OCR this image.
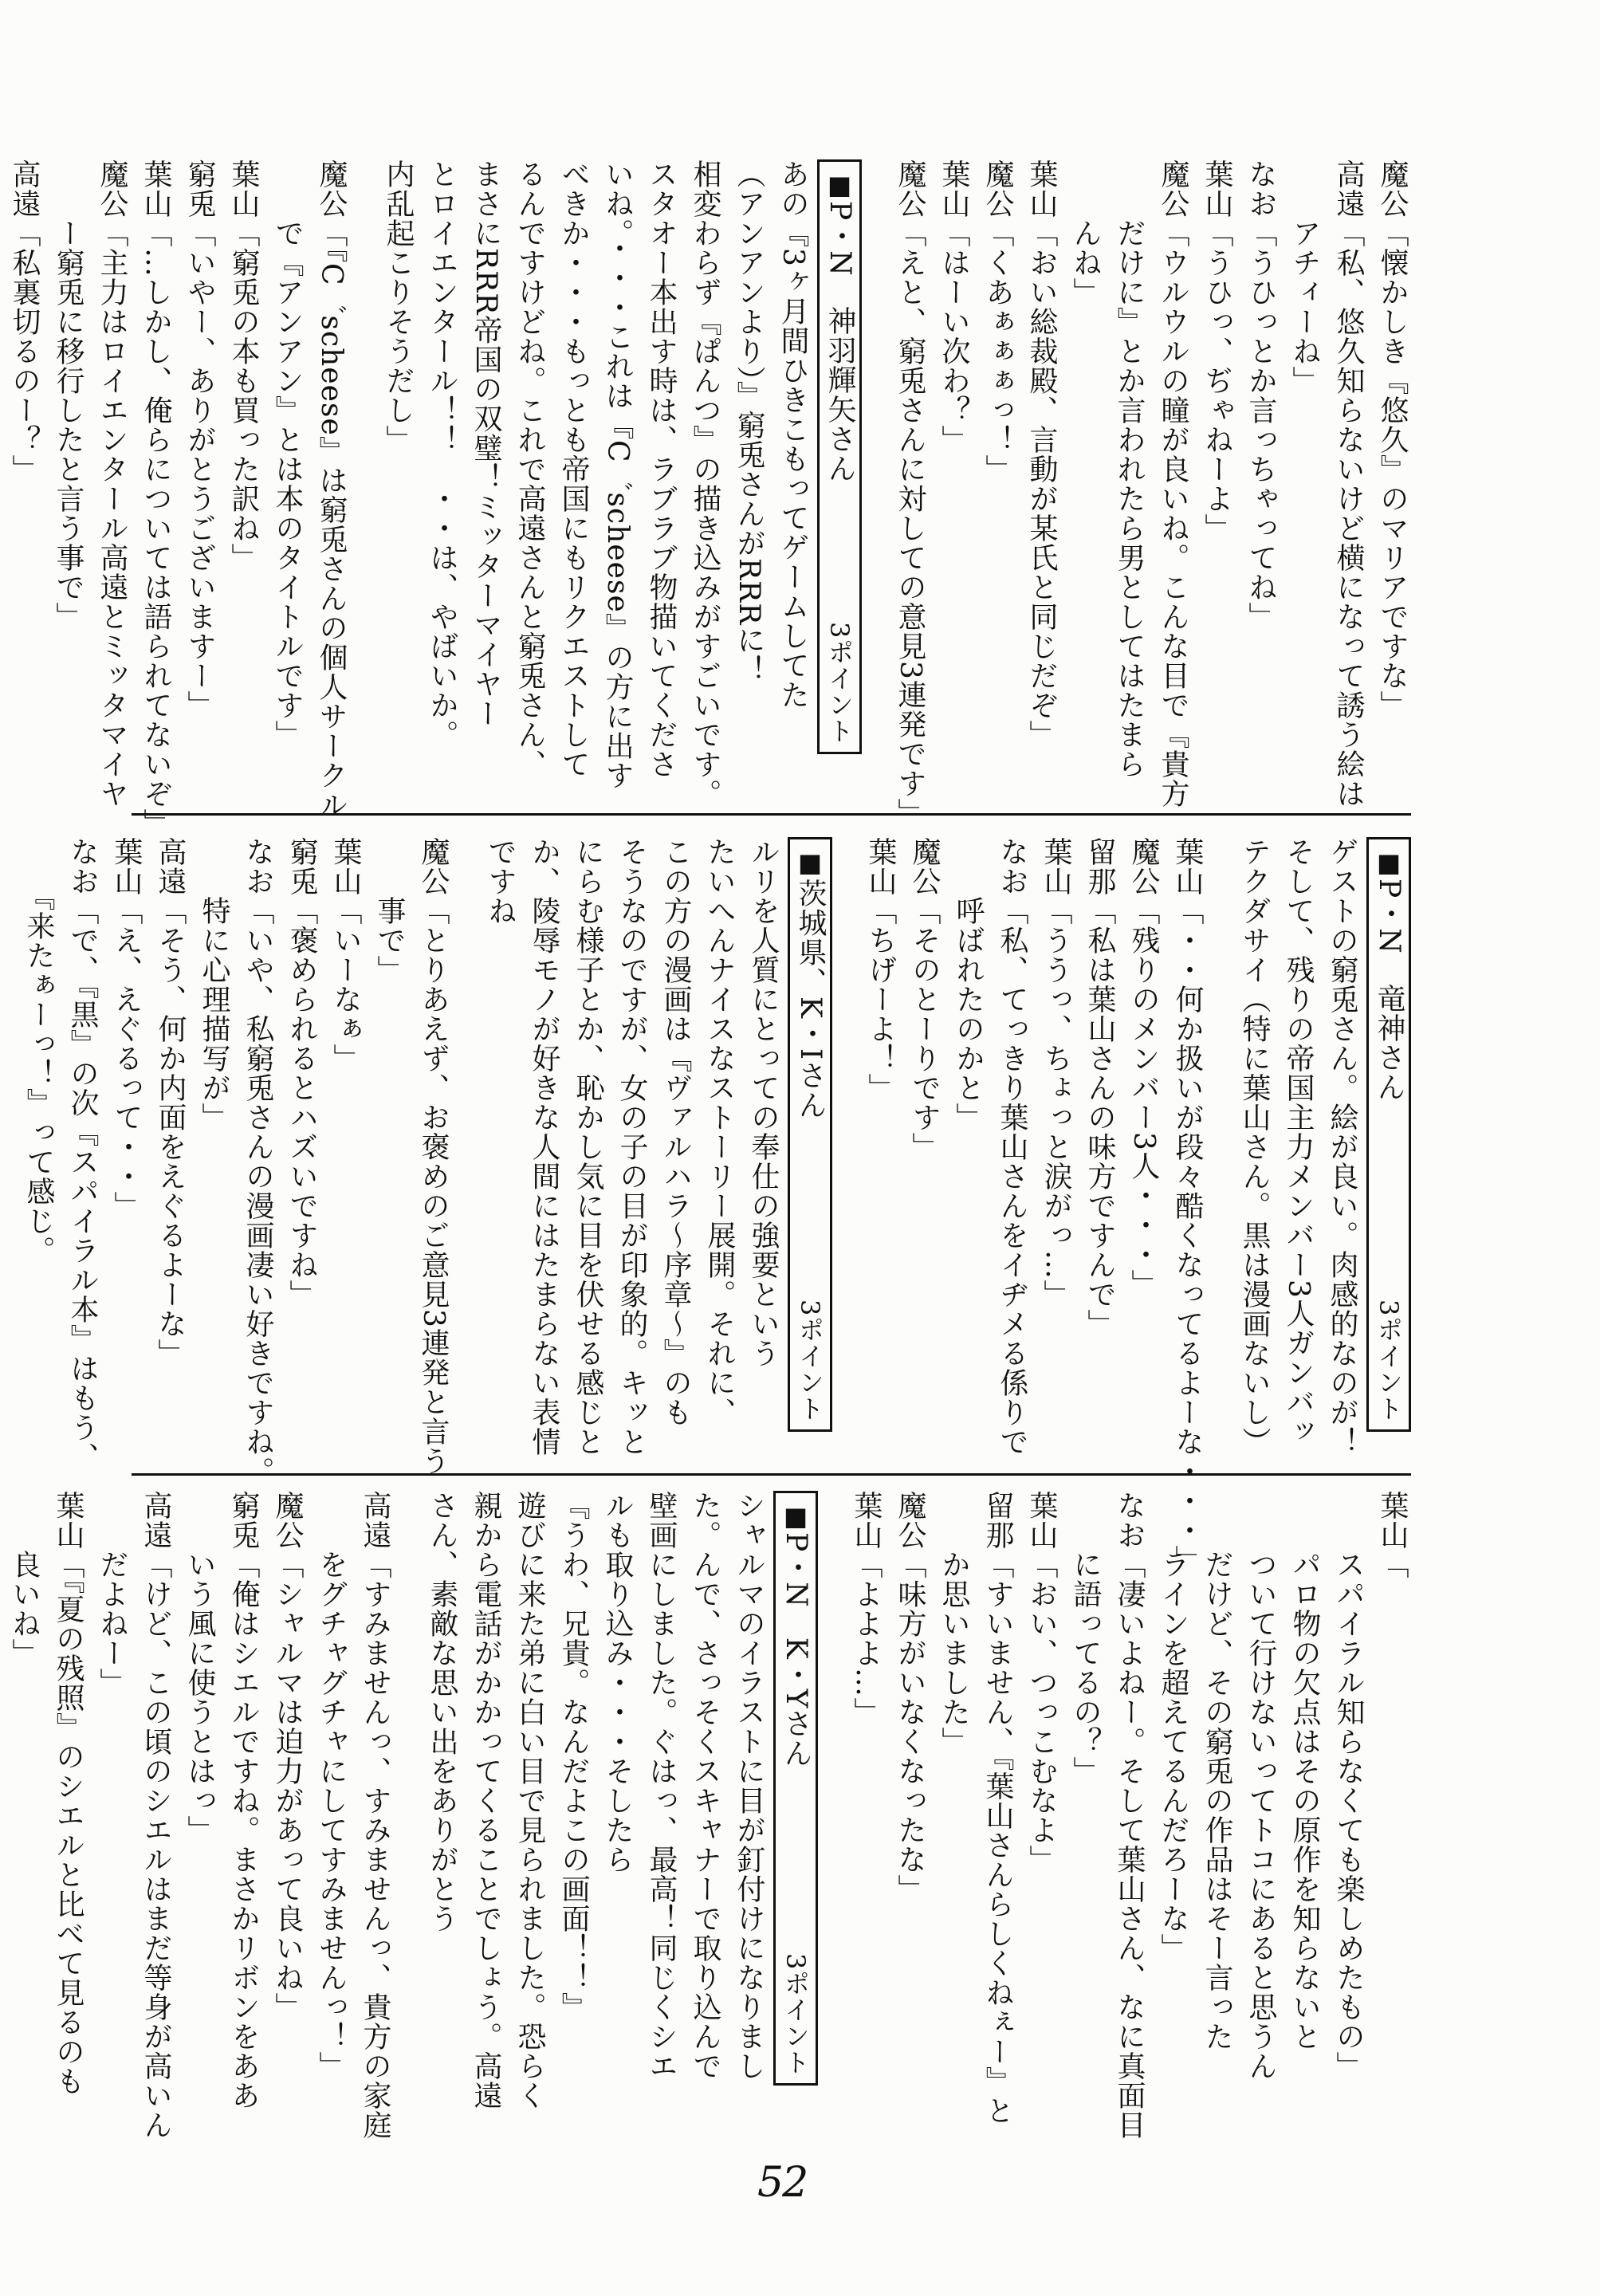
魔公「懐かしき『悠久』のマリアですな」
高遠「私、悠久知らないけど横になって誘う絵は
　　アチィーね」
なお「うひっとか言っちゃってね」
葉山「うひっ、ぢゃねーよ」
魔公「ウルウルの瞳が良いね。こんな目で『貴方
　　だけに』とか言われたら男としてはたまら
　　んね」
葉山「おい総裁殿、言動が某氏と同じだぞ」
魔公「くあぁぁぁっ！」
葉山「はーい次わ？」
魔公「えと、窮兎さんに対しての意見3連発です」
■P・N　神羽輝矢さん
3ポイント
あの『3ヶ月間ひきこもってゲームしてた
（アンアンより）』窮兎さんがRRRに！
相変わらず『ぱんつ』の描き込みがすごいです。
スタオー本出す時は、ラブラブ物描いてくださ
いね。・・・これは『C゛scheese』の方に出す
べきか・・・もっとも帝国にもリクエストして
るんですけどね。これで高遠さんと窮兎さん、
まさにRRR帝国の双璧！ミッターマイヤー
とロイエンタール！！　・・は、やばいか。
内乱起こりそうだし」
魔公「『C゛scheese』は窮兎さんの個人サークル
　　で『アンアン』とは本のタイトルです」
葉山「窮兎の本も買った訳ね」
窮兎「いやー、ありがとうございますー」
葉山「…しかし、俺らについては語られてないぞ」
魔公「主力はロイエンタール高遠とミッタマイヤ
　　ー窮兎に移行したと言う事で」
高遠「私裏切るのー？」
■P・N　竜神さん
3ポイント
ゲストの窮兎さん。絵が良い。肉感的なのが！
そして、残りの帝国主力メンバー3人ガンバッ
テクダサイ（特に葉山さん。黒は漫画ないし）
葉山「・・何か扱いが段々酷くなってるよーな・・・」
魔公「残りのメンバー3人・・・」
留那「私は葉山さんの味方ですんで」
葉山「ううっ、ちょっと涙がっ…」
なお「私、てっきり葉山さんをイヂメる係りで
　　呼ばれたのかと」
魔公「そのとーりです」
葉山「ちげーよ！」
■茨城県、K・Iさん
3ポイント
ルリを人質にとっての奉仕の強要という
たいへんナイスなストーリー展開。それに、
この方の漫画は『ヴァルハラ～序章～』のも
そうなのですが、女の子の目が印象的。キッと
にらむ様子とか、恥かし気に目を伏せる感じと
か、陵辱モノが好きな人間にはたまらない表情
ですね
魔公「とりあえず、お褒めのご意見3連発と言う
　　事で」
葉山「いーなぁ」
窮兎「褒められるとハズいですね」
なお「いや、私窮兎さんの漫画凄い好きですね。
　　特に心理描写が」
高遠「そう、何か内面をえぐるよーな」
葉山「え、えぐるって・・」
なお「で、『黒』の次『スパイラル本』はもう、
　　『来たぁーっ！』って感じ。
葉山「
　　スパイラル知らなくても楽しめたもの」
　　パロ物の欠点はその原作を知らないと
　　ついて行けないってトコにあると思うん
　　だけど、その窮兎の作品はそー言った
　　ラインを超えてるんだろーな」
なお「凄いよねー。そして葉山さん、なに真面目
　　に語ってるの？」
葉山「おい、つっこむなよ」
留那「すいません、『葉山さんらしくねぇー』と
　　か思いました」
魔公「味方がいなくなったな」
葉山「よよよ…」
■P・N　K・Yさん
3ポイント
シャルマのイラストに目が釘付けになりまし
た。んで、さっそくスキャナーで取り込んで
壁画にしました。ぐはっ、最高！同じくシエ
ルも取り込み・・・そしたら
『うわ、兄貴。なんだよこの画面！！』
遊びに来た弟に白い目で見られました。恐らく
親から電話がかかってくることでしょう。高遠
さん、素敵な思い出をありがとう
高遠「すみませんっ、すみませんっ、貴方の家庭
　　をグチャグチャにしてすみませんっ！」
魔公「シャルマは迫力があって良いね」
窮兎「俺はシエルですね。まさかリボンをああ
　　いう風に使うとはっ」
高遠「けど、この頃のシエルはまだ等身が高いん
　　だよねー」
葉山「『夏の残照』のシエルと比べて見るのも
　　良いね」
52
